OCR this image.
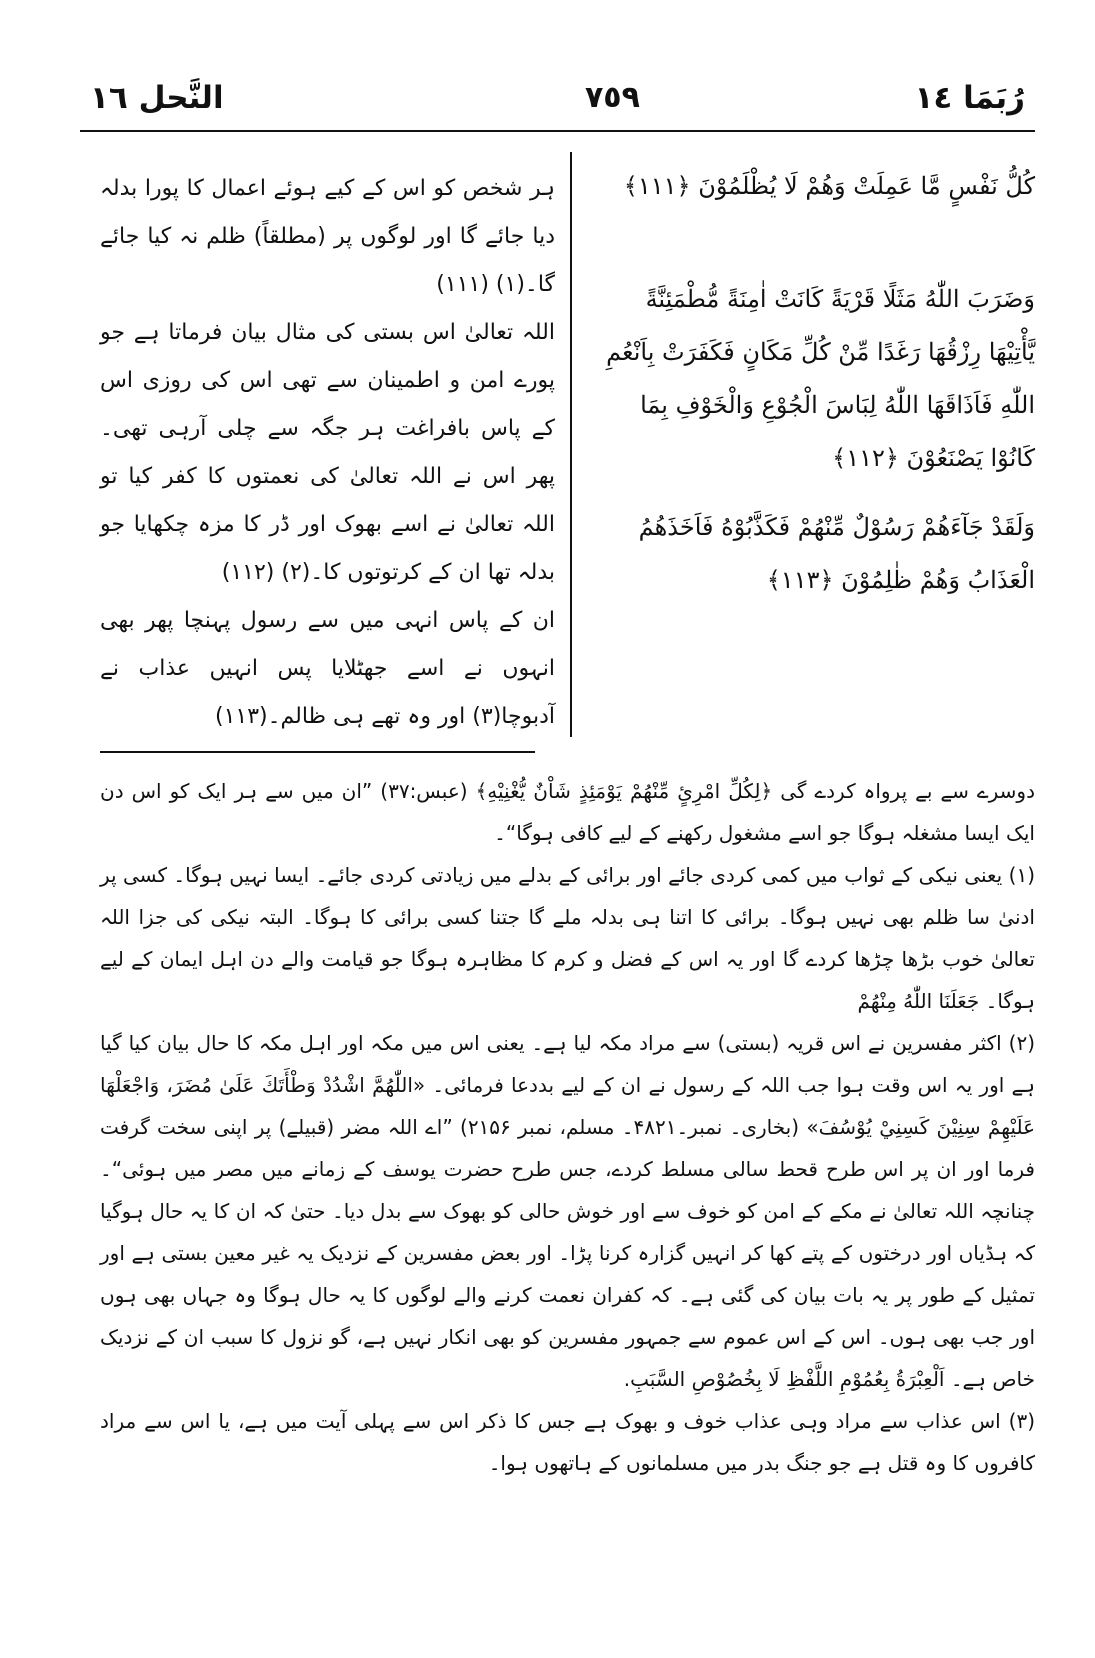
رُبَمَا ١٤
٧٥٩
النَّحل ١٦
كُلُّ نَفْسٍ مَّا عَمِلَتْ وَهُمْ لَا يُظْلَمُوْنَ ﴿١١١﴾
وَضَرَبَ اللّٰهُ مَثَلًا قَرْيَةً كَانَتْ اٰمِنَةً مُّطْمَئِنَّةً يَّأْتِيْهَا رِزْقُهَا رَغَدًا مِّنْ كُلِّ مَكَانٍ فَكَفَرَتْ بِاَنْعُمِ اللّٰهِ فَاَذَاقَهَا اللّٰهُ لِبَاسَ الْجُوْعِ وَالْخَوْفِ بِمَا كَانُوْا يَصْنَعُوْنَ ﴿١١٢﴾
وَلَقَدْ جَآءَهُمْ رَسُوْلٌ مِّنْهُمْ فَكَذَّبُوْهُ فَاَخَذَهُمُ الْعَذَابُ وَهُمْ ظٰلِمُوْنَ ﴿١١٣﴾
ہر شخص کو اس کے کیے ہوئے اعمال کا پورا بدلہ دیا جائے گا اور لوگوں پر (مطلقاً) ظلم نہ کیا جائے گا۔(۱) (۱۱۱)
اللہ تعالیٰ اس بستی کی مثال بیان فرماتا ہے جو پورے امن و اطمینان سے تھی اس کی روزی اس کے پاس بافراغت ہر جگہ سے چلی آرہی تھی۔ پھر اس نے اللہ تعالیٰ کی نعمتوں کا کفر کیا تو اللہ تعالیٰ نے اسے بھوک اور ڈر کا مزہ چکھایا جو بدلہ تھا ان کے کرتوتوں کا۔(۲) (۱۱۲)
ان کے پاس انہی میں سے رسول پہنچا پھر بھی انہوں نے اسے جھٹلایا پس انہیں عذاب نے آدبوچا(۳) اور وہ تھے ہی ظالم۔(۱۱۳)

دوسرے سے بے پرواہ کردے گی ﴿لِكُلِّ امْرِئٍ مِّنْهُمْ يَوْمَئِذٍ شَاْنٌ يُّغْنِيْهِ﴾ (عبس:۳۷) ”ان میں سے ہر ایک کو اس دن ایک ایسا مشغلہ ہوگا جو اسے مشغول رکھنے کے لیے کافی ہوگا“۔

(۱) یعنی نیکی کے ثواب میں کمی کردی جائے اور برائی کے بدلے میں زیادتی کردی جائے۔ ایسا نہیں ہوگا۔ کسی پر ادنیٰ سا ظلم بھی نہیں ہوگا۔ برائی کا اتنا ہی بدلہ ملے گا جتنا کسی برائی کا ہوگا۔ البتہ نیکی کی جزا اللہ تعالیٰ خوب بڑھا چڑھا کردے گا اور یہ اس کے فضل و کرم کا مظاہرہ ہوگا جو قیامت والے دن اہل ایمان کے لیے ہوگا۔ جَعَلَنَا اللّٰهُ مِنْهُمْ

(۲) اکثر مفسرین نے اس قریہ (بستی) سے مراد مکہ لیا ہے۔ یعنی اس میں مکہ اور اہل مکہ کا حال بیان کیا گیا ہے اور یہ اس وقت ہوا جب اللہ کے رسول نے ان کے لیے بددعا فرمائی۔ «اللّٰهُمَّ اشْدُدْ وَطْأَتَكَ عَلَىٰ مُضَرَ، وَاجْعَلْهَا عَلَيْهِمْ سِنِيْنَ كَسِنِيْ يُوْسُفَ» (بخاری۔ نمبر۔۴۸۲۱۔ مسلم، نمبر ۲۱۵۶) ”اے اللہ مضر (قبیلے) پر اپنی سخت گرفت فرما اور ان پر اس طرح قحط سالی مسلط کردے، جس طرح حضرت یوسف کے زمانے میں مصر میں ہوئی“۔ چنانچہ اللہ تعالیٰ نے مکے کے امن کو خوف سے اور خوش حالی کو بھوک سے بدل دیا۔ حتیٰ کہ ان کا یہ حال ہوگیا کہ ہڈیاں اور درختوں کے پتے کھا کر انہیں گزارہ کرنا پڑا۔ اور بعض مفسرین کے نزدیک یہ غیر معین بستی ہے اور تمثیل کے طور پر یہ بات بیان کی گئی ہے۔ کہ کفران نعمت کرنے والے لوگوں کا یہ حال ہوگا وہ جہاں بھی ہوں اور جب بھی ہوں۔ اس کے اس عموم سے جمہور مفسرین کو بھی انکار نہیں ہے، گو نزول کا سبب ان کے نزدیک خاص ہے۔ اَلْعِبْرَةُ بِعُمُوْمِ اللَّفْظِ لَا بِخُصُوْصِ السَّبَبِ.

(۳) اس عذاب سے مراد وہی عذاب خوف و بھوک ہے جس کا ذکر اس سے پہلی آیت میں ہے، یا اس سے مراد کافروں کا وہ قتل ہے جو جنگ بدر میں مسلمانوں کے ہاتھوں ہوا۔
